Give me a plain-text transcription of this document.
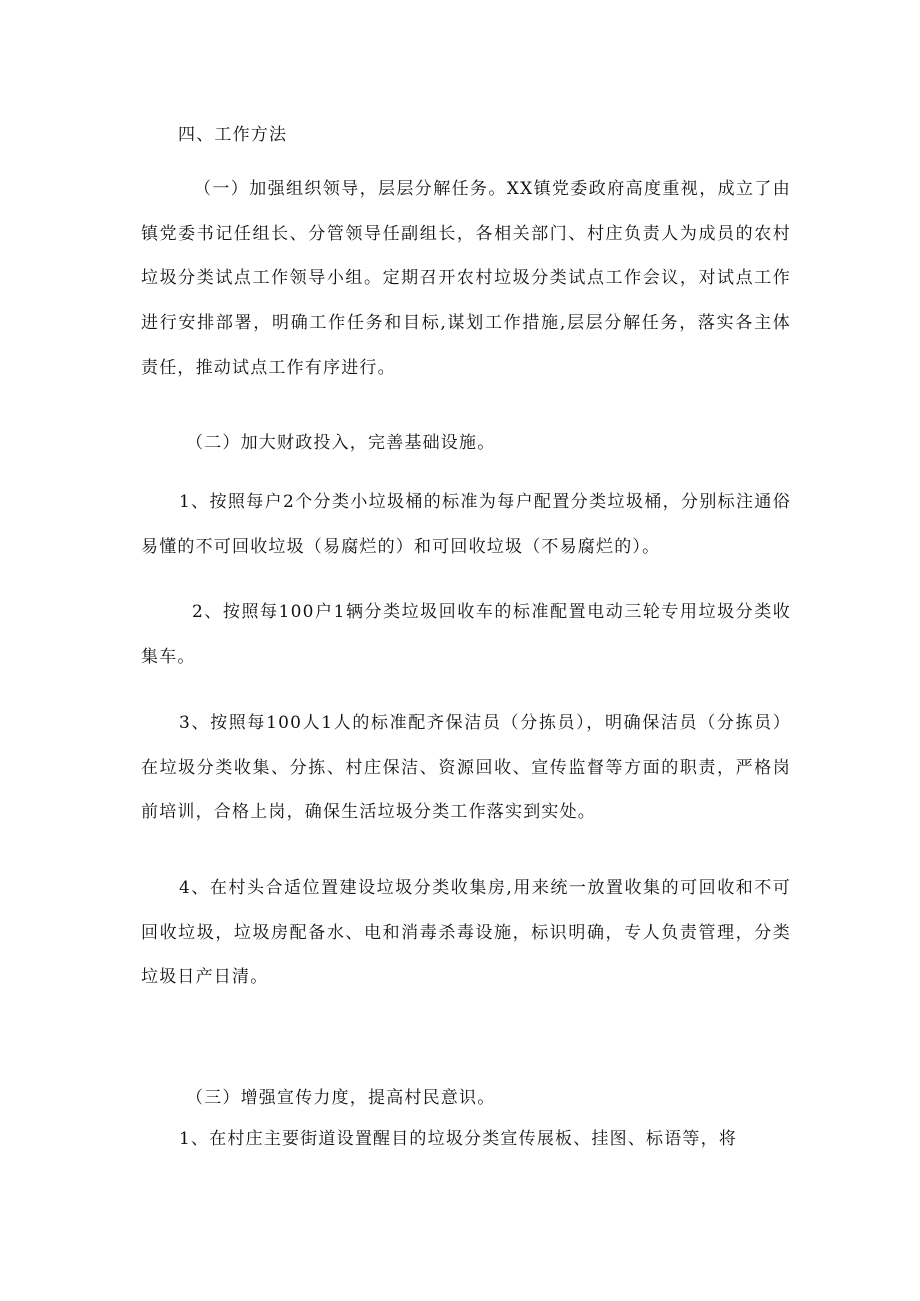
四、工作方法

（一）加强组织领导，层层分解任务。XX镇党委政府高度重视，成立了由镇党委书记任组长、分管领导任副组长，各相关部门、村庄负责人为成员的农村垃圾分类试点工作领导小组。定期召开农村垃圾分类试点工作会议，对试点工作进行安排部署，明确工作任务和目标,谋划工作措施,层层分解任务，落实各主体责任，推动试点工作有序进行。

（二）加大财政投入，完善基础设施。

1、按照每户2个分类小垃圾桶的标准为每户配置分类垃圾桶，分别标注通俗易懂的不可回收垃圾（易腐烂的）和可回收垃圾（不易腐烂的）。

2、按照每100户1辆分类垃圾回收车的标准配置电动三轮专用垃圾分类收集车。

3、按照每100人1人的标准配齐保洁员（分拣员），明确保洁员（分拣员）在垃圾分类收集、分拣、村庄保洁、资源回收、宣传监督等方面的职责，严格岗前培训，合格上岗，确保生活垃圾分类工作落实到实处。

4、在村头合适位置建设垃圾分类收集房,用来统一放置收集的可回收和不可回收垃圾，垃圾房配备水、电和消毒杀毒设施，标识明确，专人负责管理，分类垃圾日产日清。

（三）增强宣传力度，提高村民意识。

1、在村庄主要街道设置醒目的垃圾分类宣传展板、挂图、标语等，将
